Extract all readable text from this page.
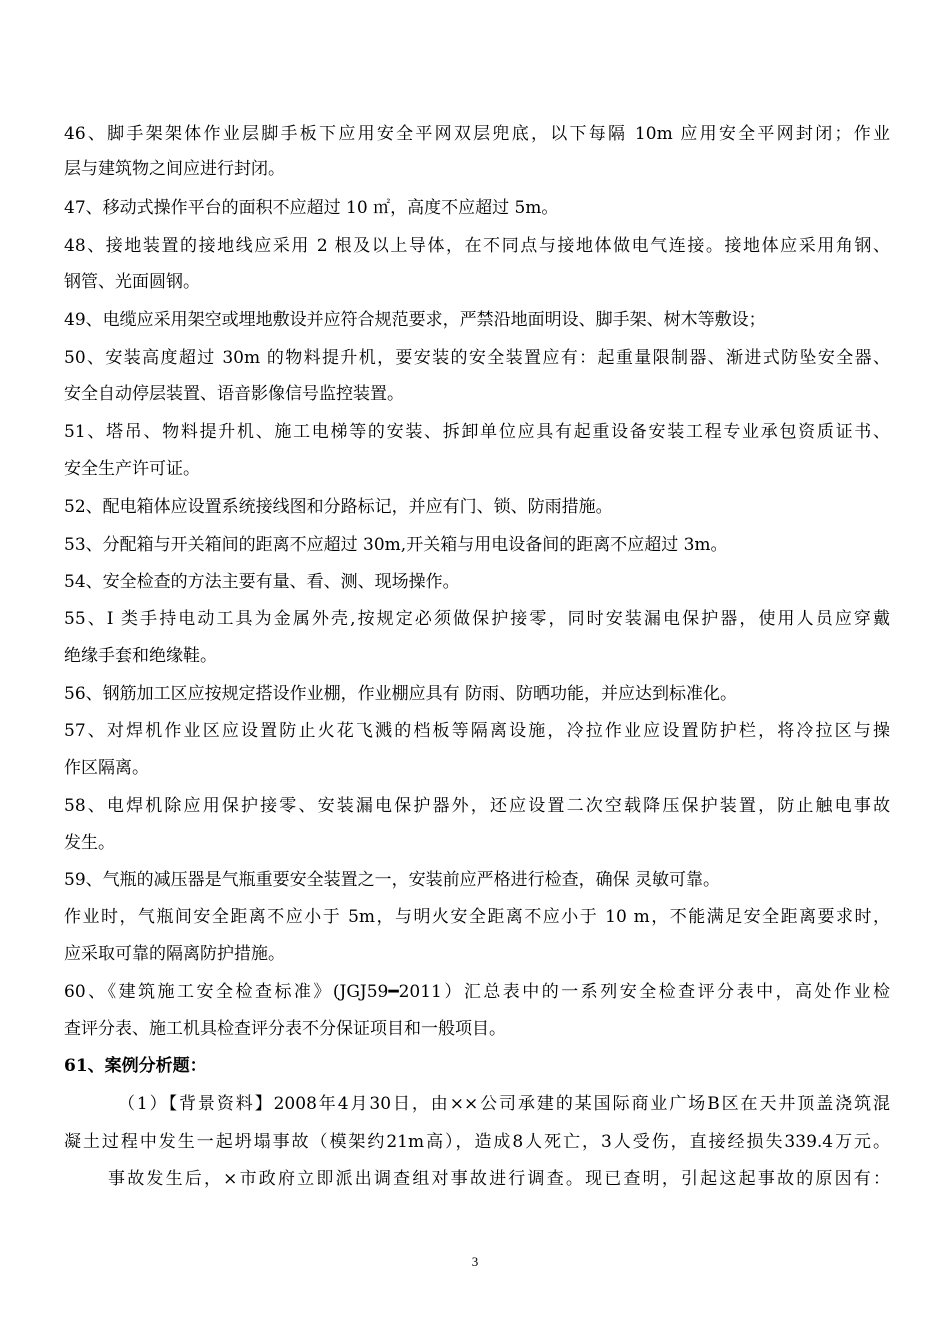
46、脚手架架体作业层脚手板下应用安全平网双层兜底，以下每隔 10m 应用安全平网封闭；作业
层与建筑物之间应进行封闭。
47、移动式操作平台的面积不应超过 10 ㎡，高度不应超过 5m。
48、接地装置的接地线应采用 2 根及以上导体，在不同点与接地体做电气连接。接地体应采用角钢、
钢管、光面圆钢。
49、电缆应采用架空或埋地敷设并应符合规范要求，严禁沿地面明设、脚手架、树木等敷设；
50、安装高度超过 30m 的物料提升机，要安装的安全装置应有：起重量限制器、渐进式防坠安全器、
安全自动停层装置、语音影像信号监控装置。
51、塔吊、物料提升机、施工电梯等的安装、拆卸单位应具有起重设备安装工程专业承包资质证书、
安全生产许可证。
52、配电箱体应设置系统接线图和分路标记，并应有门、锁、防雨措施。
53、分配箱与开关箱间的距离不应超过 30m,开关箱与用电设备间的距离不应超过 3m。
54、安全检查的方法主要有量、看、测、现场操作。
55、I 类手持电动工具为金属外壳,按规定必须做保护接零，同时安装漏电保护器，使用人员应穿戴
绝缘手套和绝缘鞋。
56、钢筋加工区应按规定搭设作业棚，作业棚应具有 防雨、防晒功能，并应达到标准化。
57、对焊机作业区应设置防止火花飞溅的档板等隔离设施，冷拉作业应设置防护栏，将冷拉区与操
作区隔离。
58、电焊机除应用保护接零、安装漏电保护器外，还应设置二次空载降压保护装置，防止触电事故
发生。
59、气瓶的减压器是气瓶重要安全装置之一，安装前应严格进行检查，确保 灵敏可靠。
作业时，气瓶间安全距离不应小于 5m，与明火安全距离不应小于 10 m，不能满足安全距离要求时，
应采取可靠的隔离防护措施。
60、《建筑施工安全检查标准》(JGJ59━2011）汇总表中的一系列安全检查评分表中，高处作业检
查评分表、施工机具检查评分表不分保证项目和一般项目。
61、案例分析题：
（1）【背景资料】2008年4月30日，由××公司承建的某国际商业广场B区在天井顶盖浇筑混
凝土过程中发生一起坍塌事故（模架约21m高），造成8人死亡，3人受伤，直接经损失339.4万元。
事故发生后，×市政府立即派出调查组对事故进行调查。现已查明，引起这起事故的原因有：
3
